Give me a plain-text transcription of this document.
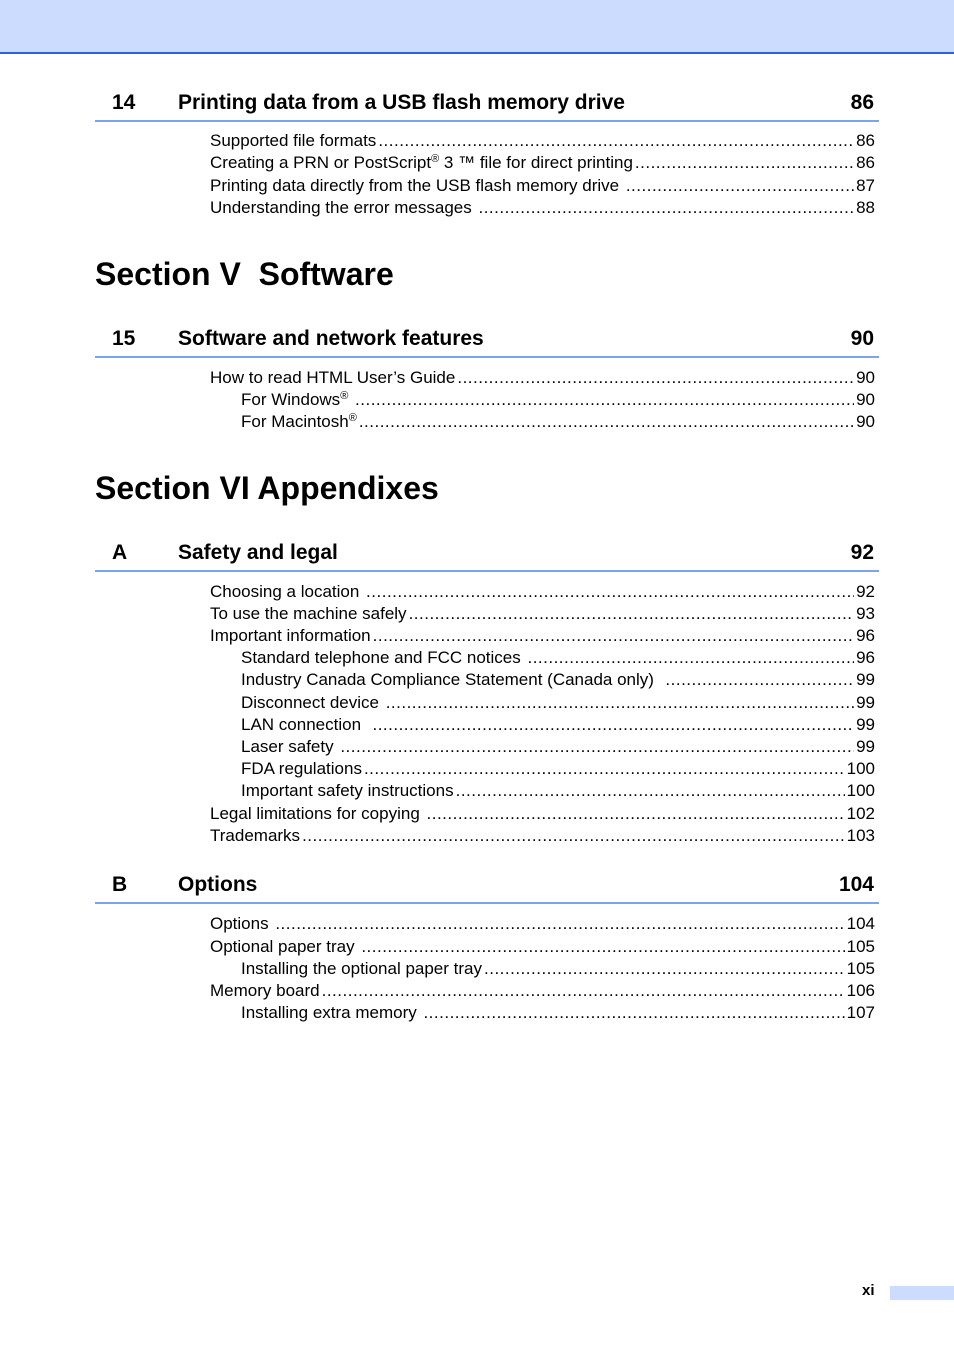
14 Printing data from a USB flash memory drive	86
Supported file formats .....	86
Creating a PRN or PostScript® 3 ™ file for direct printing .....	86
Printing data directly from the USB flash memory drive .....	87
Understanding the error messages .....	88
Section V  Software
15 Software and network features	90
How to read HTML User’s Guide .....	90
For Windows® .....	90
For Macintosh® .....	90
Section VI Appendixes
A Safety and legal	92
Choosing a location .....	92
To use the machine safely .....	93
Important information .....	96
Standard telephone and FCC notices .....	96
Industry Canada Compliance Statement (Canada only) .....	99
Disconnect device .....	99
LAN connection .....	99
Laser safety .....	99
FDA regulations .....	100
Important safety instructions .....	100
Legal limitations for copying .....	102
Trademarks .....	103
B Options	104
Options .....	104
Optional paper tray .....	105
Installing the optional paper tray .....	105
Memory board .....	106
Installing extra memory .....	107
xi
